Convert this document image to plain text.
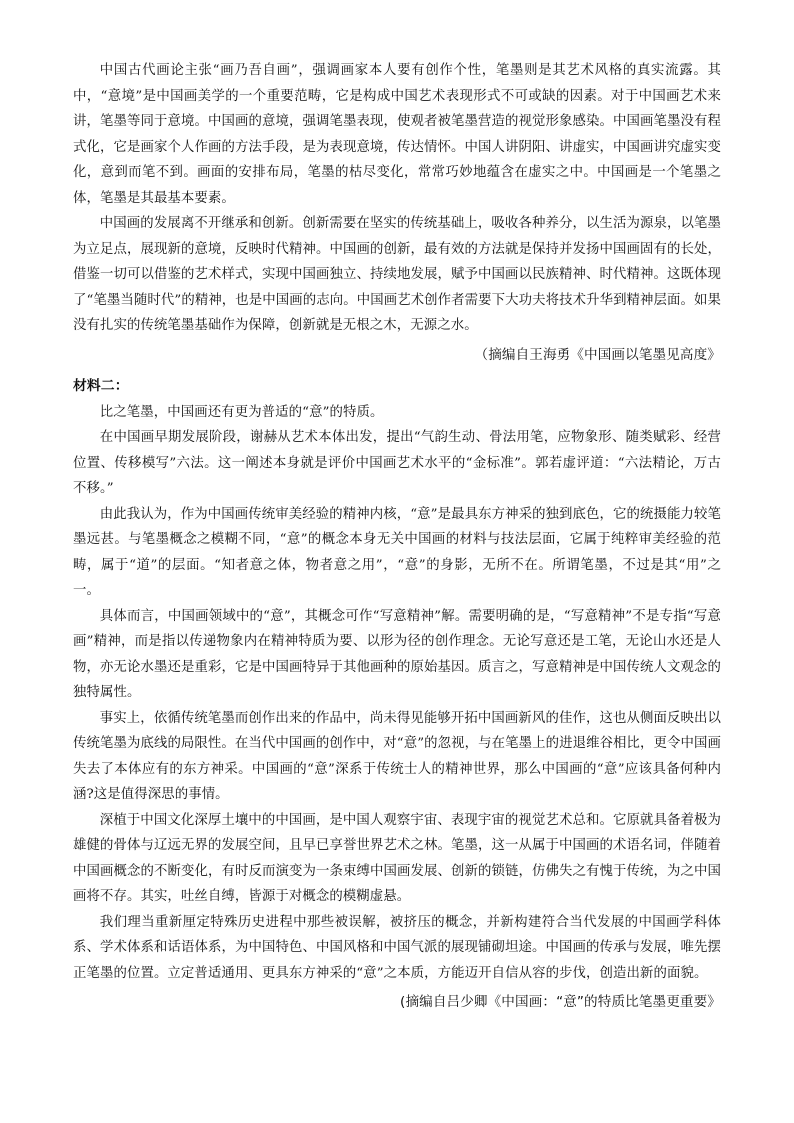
中国古代画论主张“画乃吾自画”，强调画家本人要有创作个性，笔墨则是其艺术风格的真实流露。其中，“意境”是中国画美学的一个重要范畴，它是构成中国艺术表现形式不可或缺的因素。对于中国画艺术来讲，笔墨等同于意境。中国画的意境，强调笔墨表现，使观者被笔墨营造的视觉形象感染。中国画笔墨没有程式化，它是画家个人作画的方法手段，是为表现意境，传达情怀。中国人讲阴阳、讲虚实，中国画讲究虚实变化，意到而笔不到。画面的安排布局，笔墨的枯尽变化，常常巧妙地蕴含在虚实之中。中国画是一个笔墨之体，笔墨是其最基本要素。

中国画的发展离不开继承和创新。创新需要在坚实的传统基础上，吸收各种养分，以生活为源泉，以笔墨为立足点，展现新的意境，反映时代精神。中国画的创新，最有效的方法就是保持并发扬中国画固有的长处，借鉴一切可以借鉴的艺术样式，实现中国画独立、持续地发展，赋予中国画以民族精神、时代精神。这既体现了“笔墨当随时代”的精神，也是中国画的志向。中国画艺术创作者需要下大功夫将技术升华到精神层面。如果没有扎实的传统笔墨基础作为保障，创新就是无根之木，无源之水。

（摘编自王海勇《中国画以笔墨见高度》

材料二：

比之笔墨，中国画还有更为普适的“意”的特质。

在中国画早期发展阶段，谢赫从艺术本体出发，提出“气韵生动、骨法用笔，应物象形、随类赋彩、经营位置、传移模写”六法。这一阐述本身就是评价中国画艺术水平的“金标准”。郭若虚评道：“六法精论，万古不移。”

由此我认为，作为中国画传统审美经验的精神内核，“意”是最具东方神采的独到底色，它的统摄能力较笔墨远甚。与笔墨概念之模糊不同，“意”的概念本身无关中国画的材料与技法层面，它属于纯粹审美经验的范畴，属于“道”的层面。“知者意之体，物者意之用”，“意”的身影，无所不在。所谓笔墨，不过是其“用”之一。

具体而言，中国画领域中的“意”，其概念可作“写意精神”解。需要明确的是，“写意精神”不是专指“写意画”精神，而是指以传递物象内在精神特质为要、以形为径的创作理念。无论写意还是工笔，无论山水还是人物，亦无论水墨还是重彩，它是中国画特异于其他画种的原始基因。质言之，写意精神是中国传统人文观念的独特属性。

事实上，依循传统笔墨而创作出来的作品中，尚未得见能够开拓中国画新风的佳作，这也从侧面反映出以传统笔墨为底线的局限性。在当代中国画的创作中，对“意”的忽视，与在笔墨上的进退维谷相比，更令中国画失去了本体应有的东方神采。中国画的“意”深系于传统士人的精神世界，那么中国画的“意”应该具备何种内涵?这是值得深思的事情。

深植于中国文化深厚土壤中的中国画，是中国人观察宇宙、表现宇宙的视觉艺术总和。它原就具备着极为雄健的骨体与辽远无界的发展空间，且早已享誉世界艺术之林。笔墨，这一从属于中国画的术语名词，伴随着中国画概念的不断变化，有时反而演变为一条束缚中国画发展、创新的锁链，仿佛失之有愧于传统，为之中国画将不存。其实，吐丝自缚，皆源于对概念的模糊虚悬。

我们理当重新厘定特殊历史进程中那些被误解，被挤压的概念，并新构建符合当代发展的中国画学科体系、学术体系和话语体系，为中国特色、中国风格和中国气派的展现铺砌坦途。中国画的传承与发展，唯先摆正笔墨的位置。立定普适通用、更具东方神采的“意”之本质，方能迈开自信从容的步伐，创造出新的面貌。

(摘编自吕少卿《中国画：“意”的特质比笔墨更重要》
